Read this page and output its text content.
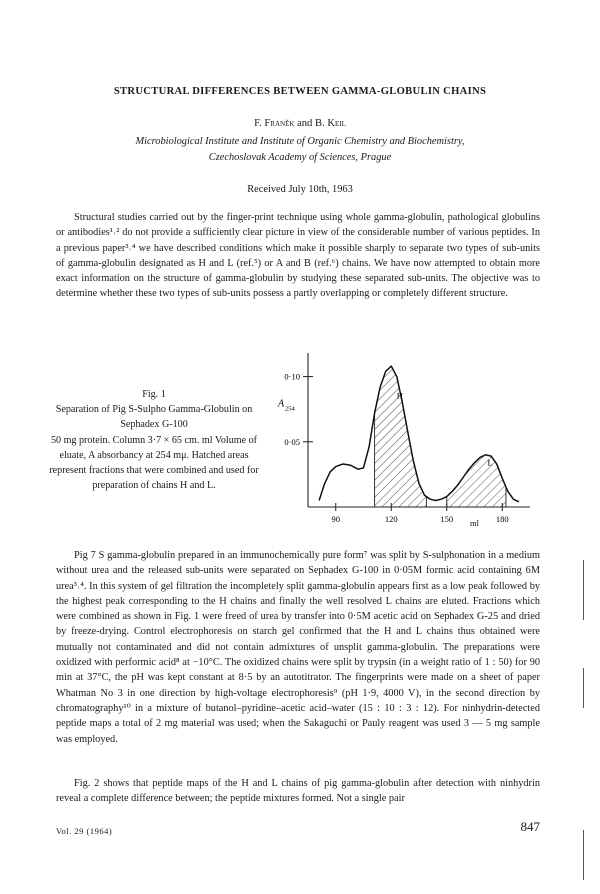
STRUCTURAL DIFFERENCES BETWEEN GAMMA-GLOBULIN CHAINS
F. Franěk and B. Keil
Microbiological Institute and Institute of Organic Chemistry and Biochemistry,
Czechoslovak Academy of Sciences, Prague
Received July 10th, 1963

Structural studies carried out by the finger-print technique using whole gamma-globulin, pathological globulins or antibodies¹˒² do not provide a sufficiently clear picture in view of the considerable number of various peptides. In a previous paper³˒⁴ we have described conditions which make it possible sharply to separate two types of sub-units of gamma-globulin designated as H and L (ref.⁵) or A and B (ref.⁶) chains. We have now attempted to obtain more exact information on the structure of gamma-globulin by studying these separated sub-units. The objective was to determine whether these two types of sub-units possess a partly overlapping or completely different structure.

Fig. 1
Separation of Pig S-Sulpho Gamma-Globulin on Sephadex G-100
50 mg protein. Column 3·7 × 65 cm. ml Volume of eluate, A absorbancy at 254 mμ. Hatched areas represent fractions that were combined and used for preparation of chains H and L.
0·05
0·10
90	120	150	180
ml
A 254
H
L

Pig 7 S gamma-globulin prepared in an immunochemically pure form⁷ was split by S-sulphonation in a medium without urea and the released sub-units were separated on Sephadex G-100 in 0·05M formic acid containing 6M urea³˒⁴. In this system of gel filtration the incompletely split gamma-globulin appears first as a low peak followed by the highest peak corresponding to the H chains and finally the well resolved L chains are eluted. Fractions which were combined as shown in Fig. 1 were freed of urea by transfer into 0·5M acetic acid on Sephadex G-25 and dried by freeze-drying. Control electrophoresis on starch gel confirmed that the H and L chains thus obtained were mutually not contaminated and did not contain admixtures of unsplit gamma-globulin. The preparations were oxidized with performic acid⁸ at −10°C. The oxidized chains were split by trypsin (in a weight ratio of 1 : 50) for 90 min at 37°C, the pH was kept constant at 8·5 by an autotitrator. The fingerprints were made on a sheet of paper Whatman No 3 in one direction by high-voltage electrophoresis⁹ (pH 1·9, 4000 V), in the second direction by chromatography¹⁰ in a mixture of butanol–pyridine–acetic acid–water (15 : 10 : 3 : 12). For ninhydrin-detected peptide maps a total of 2 mg material was used; when the Sakaguchi or Pauly reagent was used 3 — 5 mg sample was employed.

Fig. 2 shows that peptide maps of the H and L chains of pig gamma-globulin after detection with ninhydrin reveal a complete difference between; the peptide mixtures formed. Not a single pair

Vol. 29 (1964)	847
